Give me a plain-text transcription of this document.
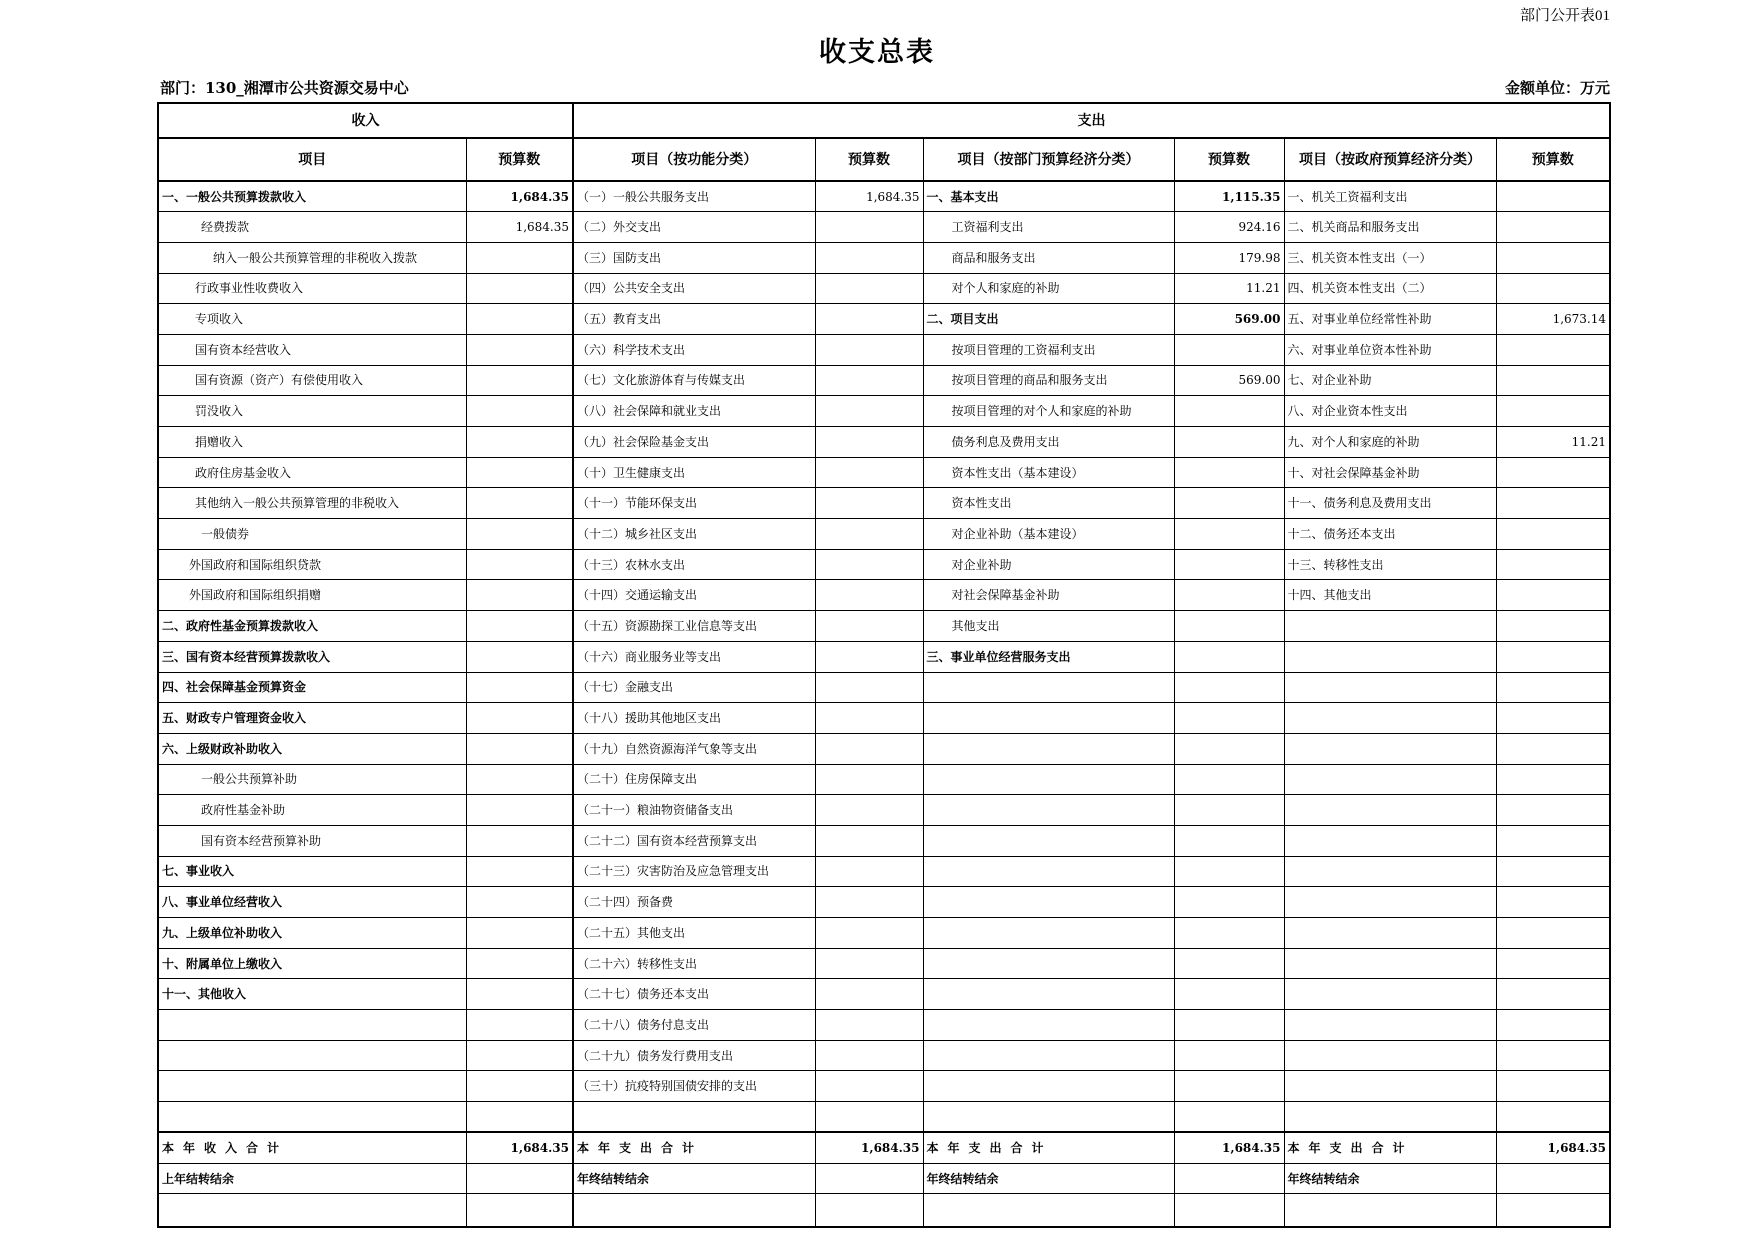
部门公开表01
收支总表
部门：130_湘潭市公共资源交易中心	金额单位：万元
收入		支出					
项目	预算数	项目（按功能分类）	预算数	项目（按部门预算经济分类）	预算数	项目（按政府预算经济分类）	预算数
一、一般公共预算拨款收入	1,684.35	（一）一般公共服务支出	1,684.35	一、基本支出	1,115.35	一、机关工资福利支出	
经费拨款	1,684.35	（二）外交支出		工资福利支出	924.16	二、机关商品和服务支出	
纳入一般公共预算管理的非税收入拨款		（三）国防支出		商品和服务支出	179.98	三、机关资本性支出（一）	
行政事业性收费收入		（四）公共安全支出		对个人和家庭的补助	11.21	四、机关资本性支出（二）	
专项收入		（五）教育支出		二、项目支出	569.00	五、对事业单位经常性补助	1,673.14
国有资本经营收入		（六）科学技术支出		按项目管理的工资福利支出		六、对事业单位资本性补助	
国有资源（资产）有偿使用收入		（七）文化旅游体育与传媒支出		按项目管理的商品和服务支出	569.00	七、对企业补助	
罚没收入		（八）社会保障和就业支出		按项目管理的对个人和家庭的补助		八、对企业资本性支出	
捐赠收入		（九）社会保险基金支出		债务利息及费用支出		九、对个人和家庭的补助	11.21
政府住房基金收入		（十）卫生健康支出		资本性支出（基本建设）		十、对社会保障基金补助	
其他纳入一般公共预算管理的非税收入		（十一）节能环保支出		资本性支出		十一、债务利息及费用支出	
一般债券		（十二）城乡社区支出		对企业补助（基本建设）		十二、债务还本支出	
外国政府和国际组织贷款		（十三）农林水支出		对企业补助		十三、转移性支出	
外国政府和国际组织捐赠		（十四）交通运输支出		对社会保障基金补助		十四、其他支出	
二、政府性基金预算拨款收入		（十五）资源勘探工业信息等支出		其他支出			
三、国有资本经营预算拨款收入		（十六）商业服务业等支出		三、事业单位经营服务支出			
四、社会保障基金预算资金		（十七）金融支出					
五、财政专户管理资金收入		（十八）援助其他地区支出					
六、上级财政补助收入		（十九）自然资源海洋气象等支出					
一般公共预算补助		（二十）住房保障支出					
政府性基金补助		（二十一）粮油物资储备支出					
国有资本经营预算补助		（二十二）国有资本经营预算支出					
七、事业收入		（二十三）灾害防治及应急管理支出					
八、事业单位经营收入		（二十四）预备费					
九、上级单位补助收入		（二十五）其他支出					
十、附属单位上缴收入		（二十六）转移性支出					
十一、其他收入		（二十七）债务还本支出					
		（二十八）债务付息支出					
		（二十九）债务发行费用支出					
		（三十）抗疫特别国债安排的支出					

本年收入合计	1,684.35	本年支出合计	1,684.35	本年支出合计	1,684.35	本年支出合计	1,684.35
上年结转结余		年终结转结余		年终结转结余		年终结转结余	
